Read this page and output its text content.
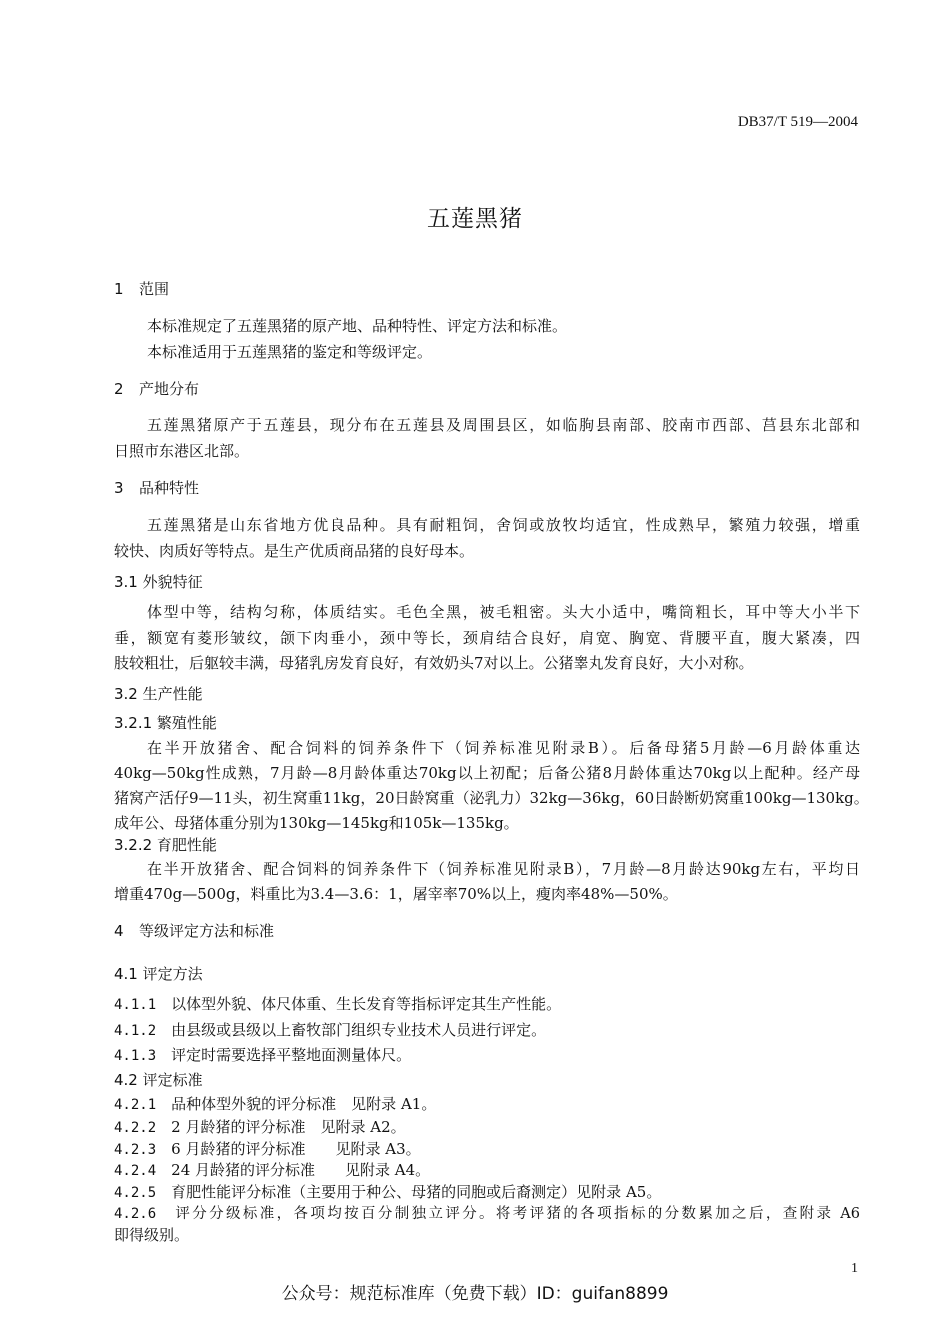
DB37/T 519—2004
五莲黑猪
1 范围
本标准规定了五莲黑猪的原产地、品种特性、评定方法和标准。
本标准适用于五莲黑猪的鉴定和等级评定。
2 产地分布
五莲黑猪原产于五莲县，现分布在五莲县及周围县区，如临朐县南部、胶南市西部、莒县东北部和
日照市东港区北部。
3 品种特性
五莲黑猪是山东省地方优良品种。具有耐粗饲，舍饲或放牧均适宜，性成熟早，繁殖力较强，增重
较快、肉质好等特点。是生产优质商品猪的良好母本。
3.1 外貌特征
体型中等，结构匀称，体质结实。毛色全黑，被毛粗密。头大小适中，嘴筒粗长，耳中等大小半下
垂，额宽有菱形皱纹，颌下肉垂小，颈中等长，颈肩结合良好，肩宽、胸宽、背腰平直，腹大紧凑，四
肢较粗壮，后躯较丰满，母猪乳房发育良好，有效奶头7对以上。公猪睾丸发育良好，大小对称。
3.2 生产性能
3.2.1 繁殖性能
在半开放猪舍、配合饲料的饲养条件下（饲养标准见附录B）。后备母猪5月龄—6月龄体重达
40kg—50kg性成熟，7月龄—8月龄体重达70kg以上初配；后备公猪8月龄体重达70kg以上配种。经产母
猪窝产活仔9—11头，初生窝重11kg，20日龄窝重（泌乳力）32kg—36kg，60日龄断奶窝重100kg—130kg。
成年公、母猪体重分别为130kg—145kg和105k—135kg。
3.2.2 育肥性能
在半开放猪舍、配合饲料的饲养条件下（饲养标准见附录B），7月龄—8月龄达90kg左右，平均日
增重470g—500g，料重比为3.4—3.6：1，屠宰率70%以上，瘦肉率48%—50%。
4 等级评定方法和标准
4.1 评定方法
4.1.1　 以体型外貌、体尺体重、生长发育等指标评定其生产性能。
4.1.2　 由县级或县级以上畜牧部门组织专业技术人员进行评定。
4.1.3　 评定时需要选择平整地面测量体尺。
4.2 评定标准
4.2.1　 品种体型外貌的评分标准　见附录 A1。
4.2.2　 2 月龄猪的评分标准　见附录 A2。
4.2.3　 6 月龄猪的评分标准　　见附录 A3。
4.2.4　 24 月龄猪的评分标准　　见附录 A4。
4.2.5　 育肥性能评分标准（主要用于种公、母猪的同胞或后裔测定）见附录 A5。
4.2.6　 评分分级标准，各项均按百分制独立评分。将考评猪的各项指标的分数累加之后，查附录 A6
即得级别。
1
公众号：规范标准库（免费下载）ID：guifan8899
